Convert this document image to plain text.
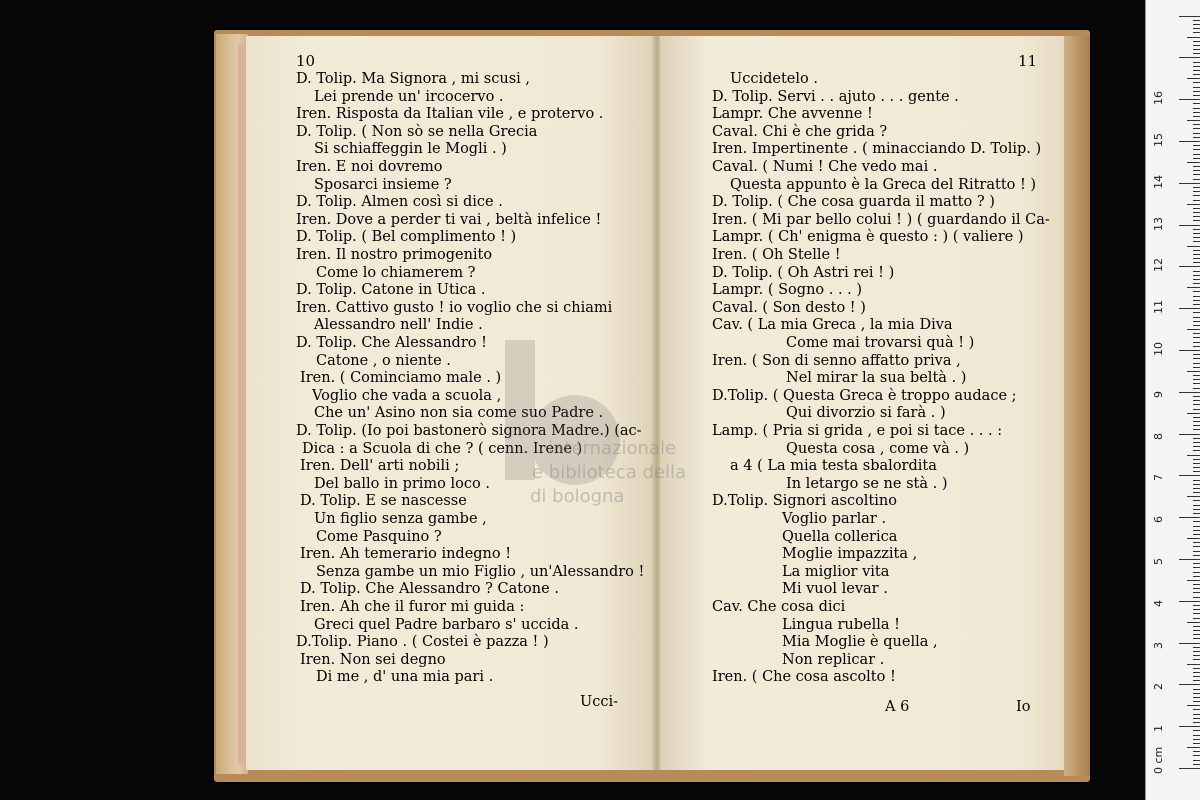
10	11
D. Tolip. Ma Signora , mi scusi ,
Lei prende un' ircocervo .
Iren. Risposta da Italian vile , e protervo .
D. Tolip. ( Non sò se nella Grecia
Si schiaffeggin le Mogli . )
Iren. E noi dovremo
Sposarci insieme ?
D. Tolip. Almen così si dice .
Iren. Dove a perder ti vai , beltà infelice !
D. Tolip. ( Bel complimento ! )
Iren. Il nostro primogenito
Come lo chiamerem ?
D. Tolip. Catone in Utica .
Iren. Cattivo gusto ! io voglio che si chiami
Alessandro nell' Indie .
D. Tolip. Che Alessandro !
Catone , o niente .
Iren. ( Cominciamo male . )
Voglio che vada a scuola ,
Che un' Asino non sia come suo Padre .
D. Tolip. (Io poi bastonerò signora Madre.) (ac-
Dica : a Scuola di che ? ( cenn. Irene )
Iren. Dell' arti nobili ;
Del ballo in primo loco .
D. Tolip. E se nascesse
Un figlio senza gambe ,
Come Pasquino ?
Iren. Ah temerario indegno !
Senza gambe un mio Figlio , un'Alessandro !
D. Tolip. Che Alessandro ? Catone .
Iren. Ah che il furor mi guida :
Greci quel Padre barbaro s' uccida .
D.Tolip. Piano . ( Costei è pazza ! )
Iren. Non sei degno
Di me , d' una mia pari .
Uccidetelo .
D. Tolip. Servi . . ajuto . . . gente .
Lampr. Che avvenne !
Caval. Chi è che grida ?
Iren. Impertinente . ( minacciando D. Tolip. )
Caval. ( Numi ! Che vedo mai .
Questa appunto è la Greca del Ritratto ! )
D. Tolip. ( Che cosa guarda il matto ? )
Iren. ( Mi par bello colui ! ) ( guardando il Ca-
Lampr. ( Ch' enigma è questo : ) ( valiere )
Iren. ( Oh Stelle !
D. Tolip. ( Oh Astri rei ! )
Lampr. ( Sogno . . . )
Caval. ( Son desto ! )
Cav. ( La mia Greca , la mia Diva
Come mai trovarsi quà ! )
Iren. ( Son di senno affatto priva ,
Nel mirar la sua beltà . )
D.Tolip. ( Questa Greca è troppo audace ;
Qui divorzio si farà . )
Lamp. ( Pria si grida , e poi si tace . . . :
Questa cosa , come và . )
a 4 ( La mia testa sbalordita
In letargo se ne stà . )
D.Tolip. Signori ascoltino
Voglio parlar .
Quella collerica
Moglie impazzita ,
La miglior vita
Mi vuol levar .
Cav. Che cosa dici
Lingua rubella !
Mia Moglie è quella ,
Non replicar .
Iren. ( Che cosa ascolto !
Ucci-	A 6	Io
internazionale
e biblioteca della
di bologna
16
15
14
13
12
11
10
9
8
7
6
5
4
3
2
1
0 cm
